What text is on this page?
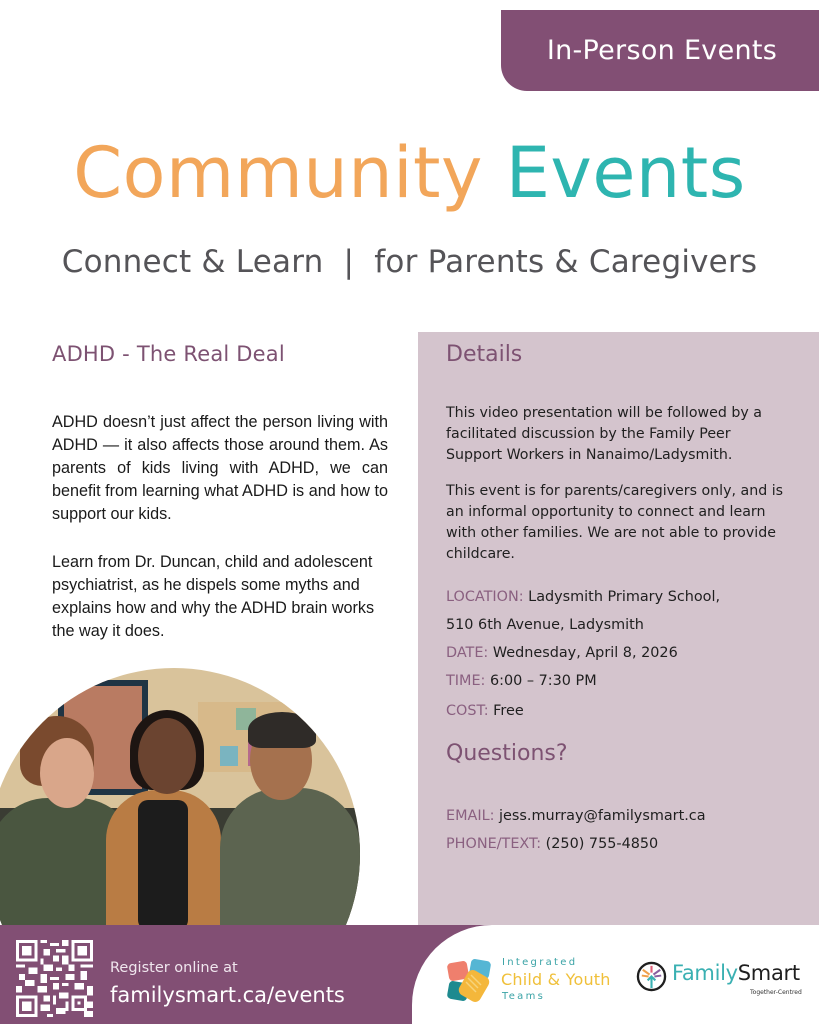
In-Person Events
Community Events
Connect & Learn  |  for Parents & Caregivers
ADHD - The Real Deal

ADHD doesn’t just affect the person living with ADHD — it also affects those around them. As parents of kids living with ADHD, we can benefit from learning what ADHD is and how to support our kids.

Learn from Dr. Duncan, child and adolescent psychiatrist, as he dispels some myths and explains how and why the ADHD brain works the way it does.

Details

This video presentation will be followed by a facilitated discussion by the Family Peer Support Workers in Nanaimo/Ladysmith.

This event is for parents/caregivers only, and is an informal opportunity to connect and learn with other families. We are not able to provide childcare.

LOCATION: Ladysmith Primary School,
510 6th Avenue, Ladysmith
DATE: Wednesday, April 8, 2026
TIME: 6:00 – 7:30 PM
COST: Free
Questions?
EMAIL: jess.murray@familysmart.ca
PHONE/TEXT: (250) 755-4850
Register online at
familysmart.ca/events
Integrated
Child & Youth
Teams
FamilySmart
Together-Centred
